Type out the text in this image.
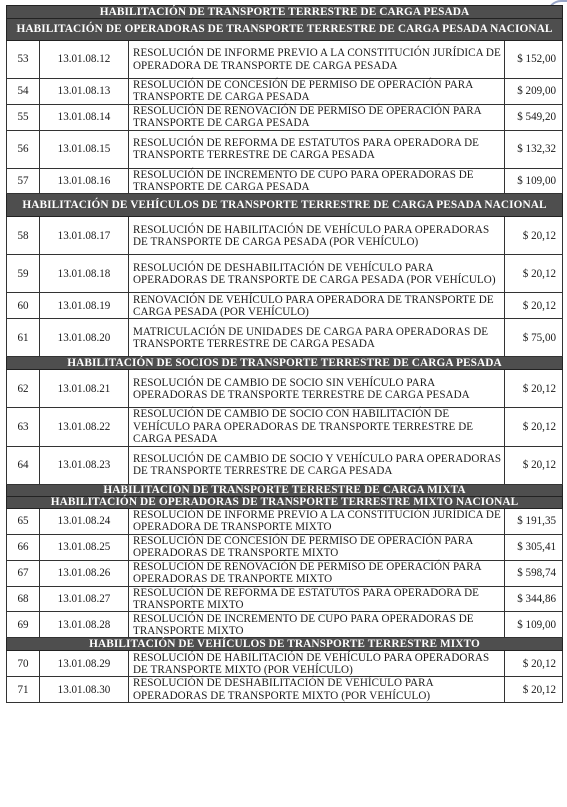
HABILITACIÓN DE TRANSPORTE TERRESTRE DE CARGA PESADA			
HABILITACIÓN DE OPERADORAS DE TRANSPORTE TERRESTRE DE CARGA PESADA NACIONAL			
53	13.01.08.12	RESOLUCIÓN DE INFORME PREVIO A LA CONSTITUCIÓN JURÍDICA DE OPERADORA DE TRANSPORTE DE CARGA PESADA	$ 152,00
54	13.01.08.13	RESOLUCIÓN DE CONCESIÓN DE PERMISO DE OPERACIÓN PARA TRANSPORTE DE CARGA PESADA	$ 209,00
55	13.01.08.14	RESOLUCIÓN DE RENOVACIÓN DE PERMISO DE OPERACIÓN PARA TRANSPORTE DE CARGA PESADA	$ 549,20
56	13.01.08.15	RESOLUCIÓN DE REFORMA DE ESTATUTOS PARA OPERADORA DE TRANSPORTE TERRESTRE DE CARGA PESADA	$ 132,32
57	13.01.08.16	RESOLUCIÓN DE INCREMENTO DE CUPO PARA OPERADORAS DE TRANSPORTE DE CARGA PESADA	$ 109,00
HABILITACIÓN DE VEHÍCULOS DE TRANSPORTE TERRESTRE DE CARGA PESADA NACIONAL			
58	13.01.08.17	RESOLUCIÓN DE HABILITACIÓN DE VEHÍCULO PARA OPERADORAS DE TRANSPORTE DE CARGA PESADA (POR VEHÍCULO)	$ 20,12
59	13.01.08.18	RESOLUCIÓN DE DESHABILITACIÓN DE VEHÍCULO PARA OPERADORAS DE TRANSPORTE DE CARGA PESADA (POR VEHÍCULO)	$ 20,12
60	13.01.08.19	RENOVACIÓN DE VEHÍCULO PARA OPERADORA DE TRANSPORTE DE CARGA PESADA (POR VEHÍCULO)	$ 20,12
61	13.01.08.20	MATRICULACIÓN DE UNIDADES DE CARGA PARA OPERADORAS DE TRANSPORTE TERRESTRE DE CARGA PESADA	$ 75,00
HABILITACIÓN DE SOCIOS DE TRANSPORTE TERRESTRE DE CARGA PESADA			
62	13.01.08.21	RESOLUCIÓN DE CAMBIO DE SOCIO SIN VEHÍCULO PARA OPERADORAS DE TRANSPORTE TERRESTRE DE CARGA PESADA	$ 20,12
63	13.01.08.22	RESOLUCIÓN DE CAMBIO DE SOCIO CON HABILITACIÓN DE VEHÍCULO PARA OPERADORAS DE TRANSPORTE TERRESTRE DE CARGA PESADA	$ 20,12
64	13.01.08.23	RESOLUCIÓN DE CAMBIO DE SOCIO Y VEHÍCULO PARA OPERADORAS DE TRANSPORTE TERRESTRE DE CARGA PESADA	$ 20,12
HABILITACIÓN DE TRANSPORTE TERRESTRE DE CARGA MIXTA			
HABILITACIÓN DE OPERADORAS DE TRANSPORTE TERRESTRE MIXTO NACIONAL			
65	13.01.08.24	RESOLUCIÓN DE INFORME PREVIO A LA CONSTITUCIÓN JURÍDICA DE OPERADORA DE TRANSPORTE MIXTO	$ 191,35
66	13.01.08.25	RESOLUCIÓN DE CONCESIÓN DE PERMISO DE OPERACIÓN PARA OPERADORAS DE TRANSPORTE MIXTO	$ 305,41
67	13.01.08.26	RESOLUCIÓN DE RENOVACIÓN DE PERMISO DE OPERACIÓN PARA OPERADORAS DE TRANPORTE MIXTO	$ 598,74
68	13.01.08.27	RESOLUCIÓN DE REFORMA DE ESTATUTOS PARA OPERADORA DE TRANSPORTE MIXTO	$ 344,86
69	13.01.08.28	RESOLUCIÓN DE INCREMENTO DE CUPO PARA OPERADORAS DE TRANSPORTE MIXTO	$ 109,00
HABILITACIÓN DE VEHÍCULOS DE TRANSPORTE TERRESTRE MIXTO			
70	13.01.08.29	RESOLUCIÓN DE HABILITACIÓN DE VEHÍCULO PARA OPERADORAS DE TRANSPORTE MIXTO (POR VEHÍCULO)	$ 20,12
71	13.01.08.30	RESOLUCIÓN DE DESHABILITACIÓN DE VEHÍCULO PARA OPERADORAS DE TRANSPORTE MIXTO (POR VEHÍCULO)	$ 20,12
